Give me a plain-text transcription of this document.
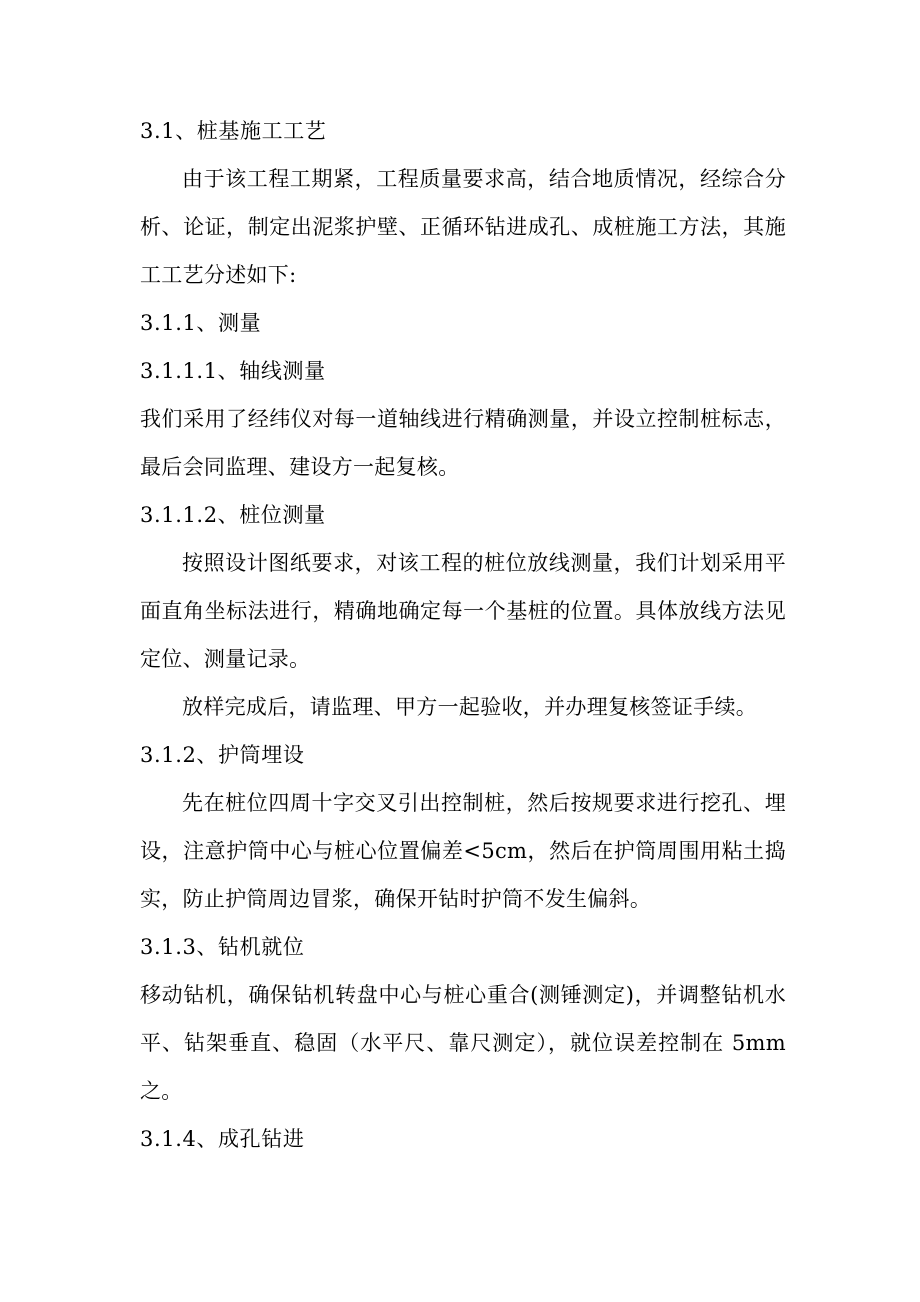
3.1、桩基施工工艺
由于该工程工期紧，工程质量要求高，结合地质情况，经综合分
析、论证，制定出泥浆护壁、正循环钻进成孔、成桩施工方法，其施
工工艺分述如下:
3.1.1、测量
3.1.1.1、轴线测量
我们采用了经纬仪对每一道轴线进行精确测量，并设立控制桩标志，
最后会同监理、建设方一起复核。
3.1.1.2、桩位测量
按照设计图纸要求，对该工程的桩位放线测量，我们计划采用平
面直角坐标法进行，精确地确定每一个基桩的位置。具体放线方法见
定位、测量记录。
放样完成后，请监理、甲方一起验收，并办理复核签证手续。
3.1.2、护筒埋设
先在桩位四周十字交叉引出控制桩，然后按规要求进行挖孔、埋
设，注意护筒中心与桩心位置偏差<5cm，然后在护筒周围用粘土捣
实，防止护筒周边冒浆，确保开钻时护筒不发生偏斜。
3.1.3、钻机就位
移动钻机，确保钻机转盘中心与桩心重合(测锤测定)，并调整钻机水
平、钻架垂直、稳固（水平尺、靠尺测定），就位误差控制在 5mm
之。
3.1.4、成孔钻进
